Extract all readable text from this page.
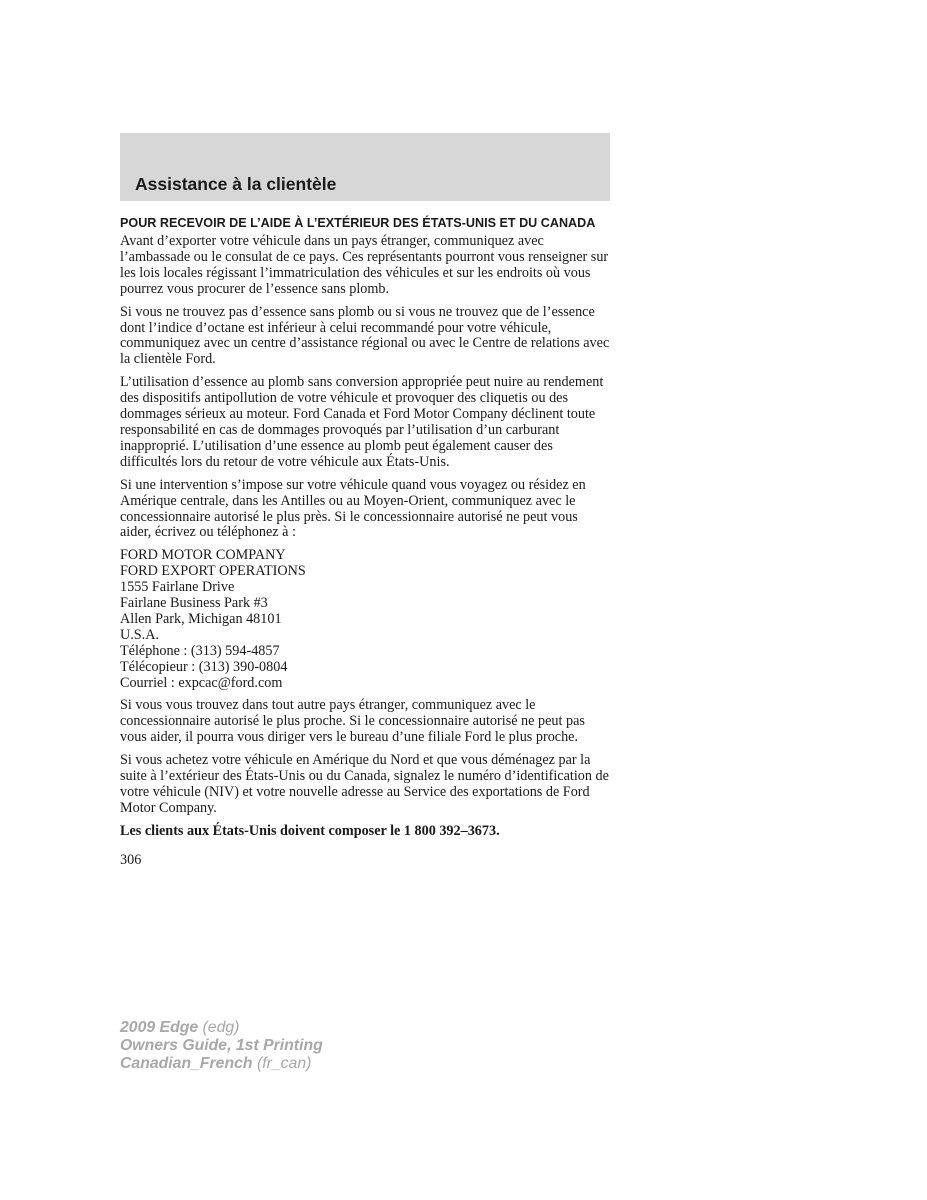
Assistance à la clientèle
POUR RECEVOIR DE L’AIDE À L’EXTÉRIEUR DES ÉTATS-UNIS ET DU CANADA

Avant d’exporter votre véhicule dans un pays étranger, communiquez avec l’ambassade ou le consulat de ce pays. Ces représentants pourront vous renseigner sur les lois locales régissant l’immatriculation des véhicules et sur les endroits où vous pourrez vous procurer de l’essence sans plomb.

Si vous ne trouvez pas d’essence sans plomb ou si vous ne trouvez que de l’essence dont l’indice d’octane est inférieur à celui recommandé pour votre véhicule, communiquez avec un centre d’assistance régional ou avec le Centre de relations avec la clientèle Ford.

L’utilisation d’essence au plomb sans conversion appropriée peut nuire au rendement des dispositifs antipollution de votre véhicule et provoquer des cliquetis ou des dommages sérieux au moteur. Ford Canada et Ford Motor Company déclinent toute responsabilité en cas de dommages provoqués par l’utilisation d’un carburant inapproprié. L’utilisation d’une essence au plomb peut également causer des difficultés lors du retour de votre véhicule aux États-Unis.

Si une intervention s’impose sur votre véhicule quand vous voyagez ou résidez en Amérique centrale, dans les Antilles ou au Moyen-Orient, communiquez avec le concessionnaire autorisé le plus près. Si le concessionnaire autorisé ne peut vous aider, écrivez ou téléphonez à :

FORD MOTOR COMPANY
FORD EXPORT OPERATIONS
1555 Fairlane Drive
Fairlane Business Park #3
Allen Park, Michigan 48101
U.S.A.
Téléphone : (313) 594-4857
Télécopieur : (313) 390-0804
Courriel : expcac@ford.com

Si vous vous trouvez dans tout autre pays étranger, communiquez avec le concessionnaire autorisé le plus proche. Si le concessionnaire autorisé ne peut pas vous aider, il pourra vous diriger vers le bureau d’une filiale Ford le plus proche.

Si vous achetez votre véhicule en Amérique du Nord et que vous déménagez par la suite à l’extérieur des États-Unis ou du Canada, signalez le numéro d’identification de votre véhicule (NIV) et votre nouvelle adresse au Service des exportations de Ford Motor Company.

Les clients aux États-Unis doivent composer le 1 800 392–3673.

306
2009 Edge (edg)
Owners Guide, 1st Printing
Canadian_French (fr_can)
